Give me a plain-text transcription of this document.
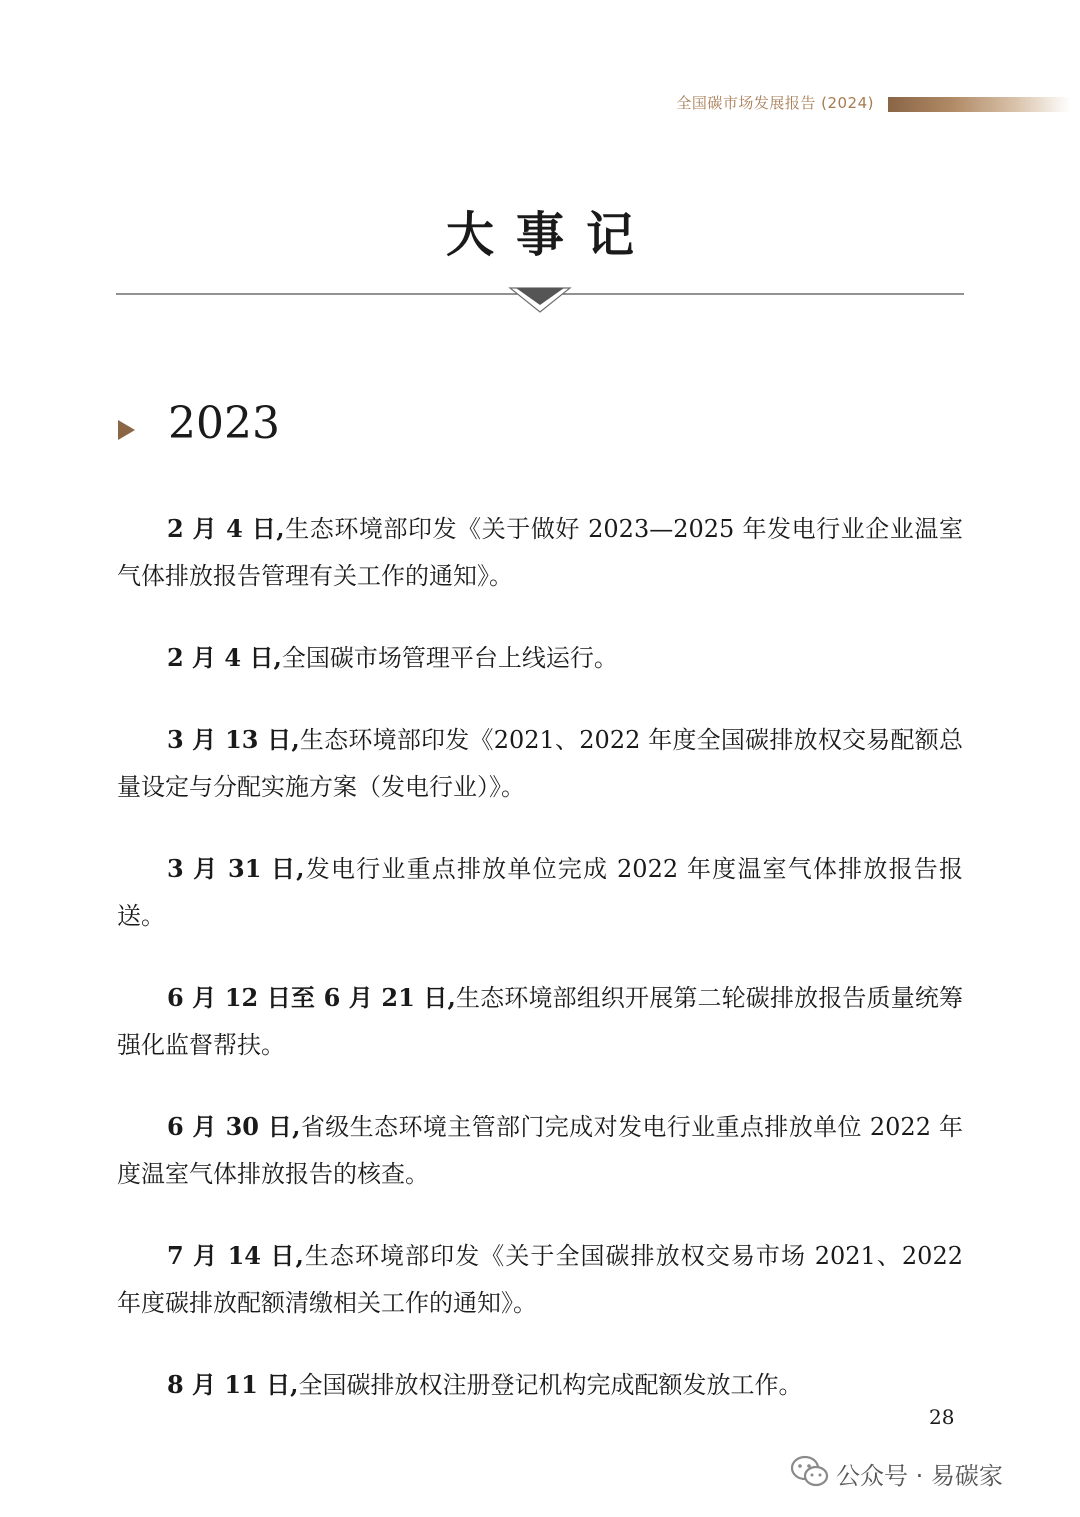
全国碳市场发展报告 (2024)
大事记
2023

2 月 4 日,生态环境部印发《关于做好 2023—2025 年发电行业企业温室气体排放报告管理有关工作的通知》。

2 月 4 日,全国碳市场管理平台上线运行。

3 月 13 日,生态环境部印发《2021、2022 年度全国碳排放权交易配额总量设定与分配实施方案（发电行业）》。

3 月 31 日,发电行业重点排放单位完成 2022 年度温室气体排放报告报送。

6 月 12 日至 6 月 21 日,生态环境部组织开展第二轮碳排放报告质量统筹强化监督帮扶。

6 月 30 日,省级生态环境主管部门完成对发电行业重点排放单位 2022 年度温室气体排放报告的核查。

7 月 14 日,生态环境部印发《关于全国碳排放权交易市场 2021、2022 年度碳排放配额清缴相关工作的通知》。

8 月 11 日,全国碳排放权注册登记机构完成配额发放工作。

28
公众号 · 易碳家
